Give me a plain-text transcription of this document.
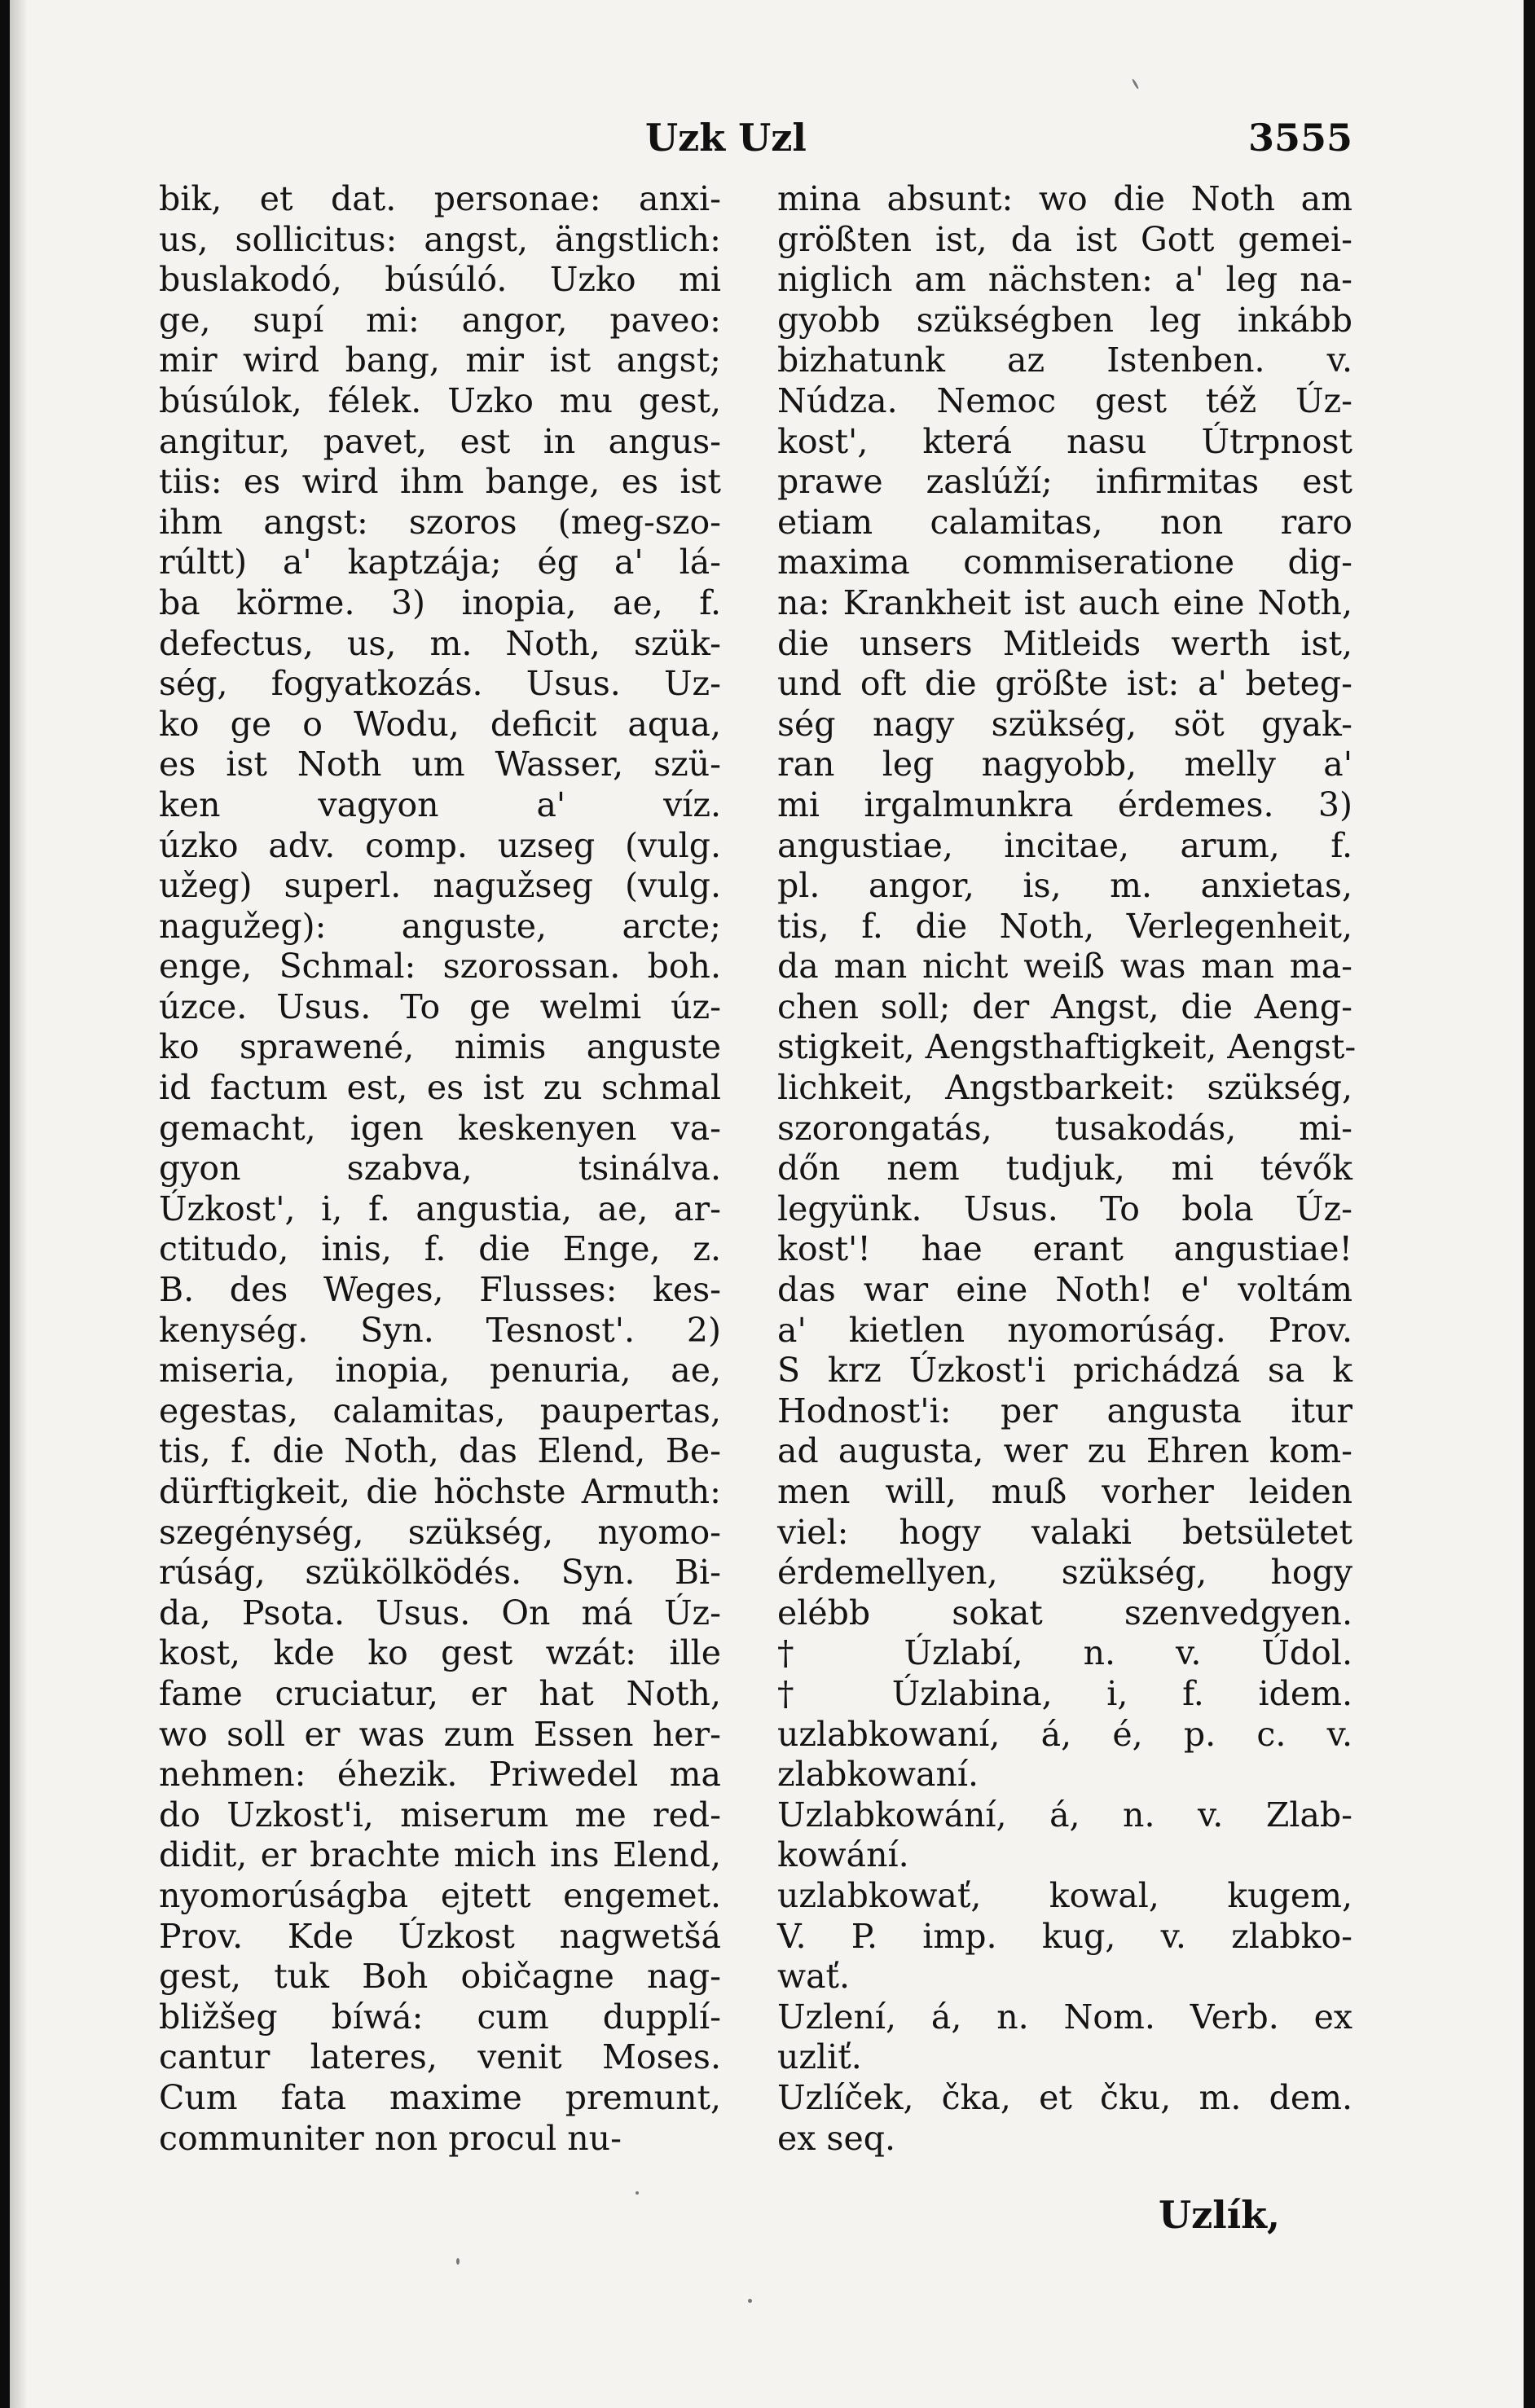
Uzk Uzl	3555
bik, et dat. personae: anxi-
us, sollicitus: angst, ängstlich:
buslakodó, búsúló. Uzko mi
ge, supí mi: angor, paveo:
mir wird bang, mir ist angst;
búsúlok, félek. Uzko mu gest,
angitur, pavet, est in angus-
tiis: es wird ihm bange, es ist
ihm angst: szoros (meg-szo-
rúltt) a' kaptzája; ég a' lá-
ba körme. 3) inopia, ae, f.
defectus, us, m. Noth, szük-
ség, fogyatkozás. Usus. Uz-
ko ge o Wodu, deficit aqua,
es ist Noth um Wasser, szü-
ken vagyon a' víz.
úzko adv. comp. uzseg (vulg.
užeg) superl. nagužseg (vulg.
nagužeg): anguste, arcte;
enge, Schmal: szorossan. boh.
úzce. Usus. To ge welmi úz-
ko sprawené, nimis anguste
id factum est, es ist zu schmal
gemacht, igen keskenyen va-
gyon szabva, tsinálva.
Úzkost', i, f. angustia, ae, ar-
ctitudo, inis, f. die Enge, z.
B. des Weges, Flusses: kes-
kenység. Syn. Tesnost'. 2)
miseria, inopia, penuria, ae,
egestas, calamitas, paupertas,
tis, f. die Noth, das Elend, Be-
dürftigkeit, die höchste Armuth:
szegénység, szükség, nyomo-
rúság, szükölködés. Syn. Bi-
da, Psota. Usus. On má Úz-
kost, kde ko gest wzát: ille
fame cruciatur, er hat Noth,
wo soll er was zum Essen her-
nehmen: éhezik. Priwedel ma
do Uzkost'i, miserum me red-
didit, er brachte mich ins Elend,
nyomorúságba ejtett engemet.
Prov. Kde Úzkost nagwetšá
gest, tuk Boh običagne nag-
bližšeg bíwá: cum dupplí-
cantur lateres, venit Moses.
Cum fata maxime premunt,
communiter non procul nu-
mina absunt: wo die Noth am
größten ist, da ist Gott gemei-
niglich am nächsten: a' leg na-
gyobb szükségben leg inkább
bizhatunk az Istenben. v.
Núdza. Nemoc gest též Úz-
kost', která nasu Útrpnost
prawe zaslúží; infirmitas est
etiam calamitas, non raro
maxima commiseratione dig-
na: Krankheit ist auch eine Noth,
die unsers Mitleids werth ist,
und oft die größte ist: a' beteg-
ség nagy szükség, söt gyak-
ran leg nagyobb, melly a'
mi irgalmunkra érdemes. 3)
angustiae, incitae, arum, f.
pl. angor, is, m. anxietas,
tis, f. die Noth, Verlegenheit,
da man nicht weiß was man ma-
chen soll; der Angst, die Aeng-
stigkeit, Aengsthaftigkeit, Aengst-
lichkeit, Angstbarkeit: szükség,
szorongatás, tusakodás, mi-
dőn nem tudjuk, mi tévők
legyünk. Usus. To bola Úz-
kost'! hae erant angustiae!
das war eine Noth! e' voltám
a' kietlen nyomorúság. Prov.
S krz Úzkost'i prichádzá sa k
Hodnost'i: per angusta itur
ad augusta, wer zu Ehren kom-
men will, muß vorher leiden
viel: hogy valaki betsületet
érdemellyen, szükség, hogy
elébb sokat szenvedgyen.
† Úzlabí, n. v. Údol.
† Úzlabina, i, f. idem.
uzlabkowaní, á, é, p. c. v.
zlabkowaní.
Uzlabkowání, á, n. v. Zlab-
kowání.
uzlabkowať, kowal, kugem,
V. P. imp. kug, v. zlabko-
wať.
Uzlení, á, n. Nom. Verb. ex
uzliť.
Uzlíček, čka, et čku, m. dem.
ex seq.
Uzlík,
